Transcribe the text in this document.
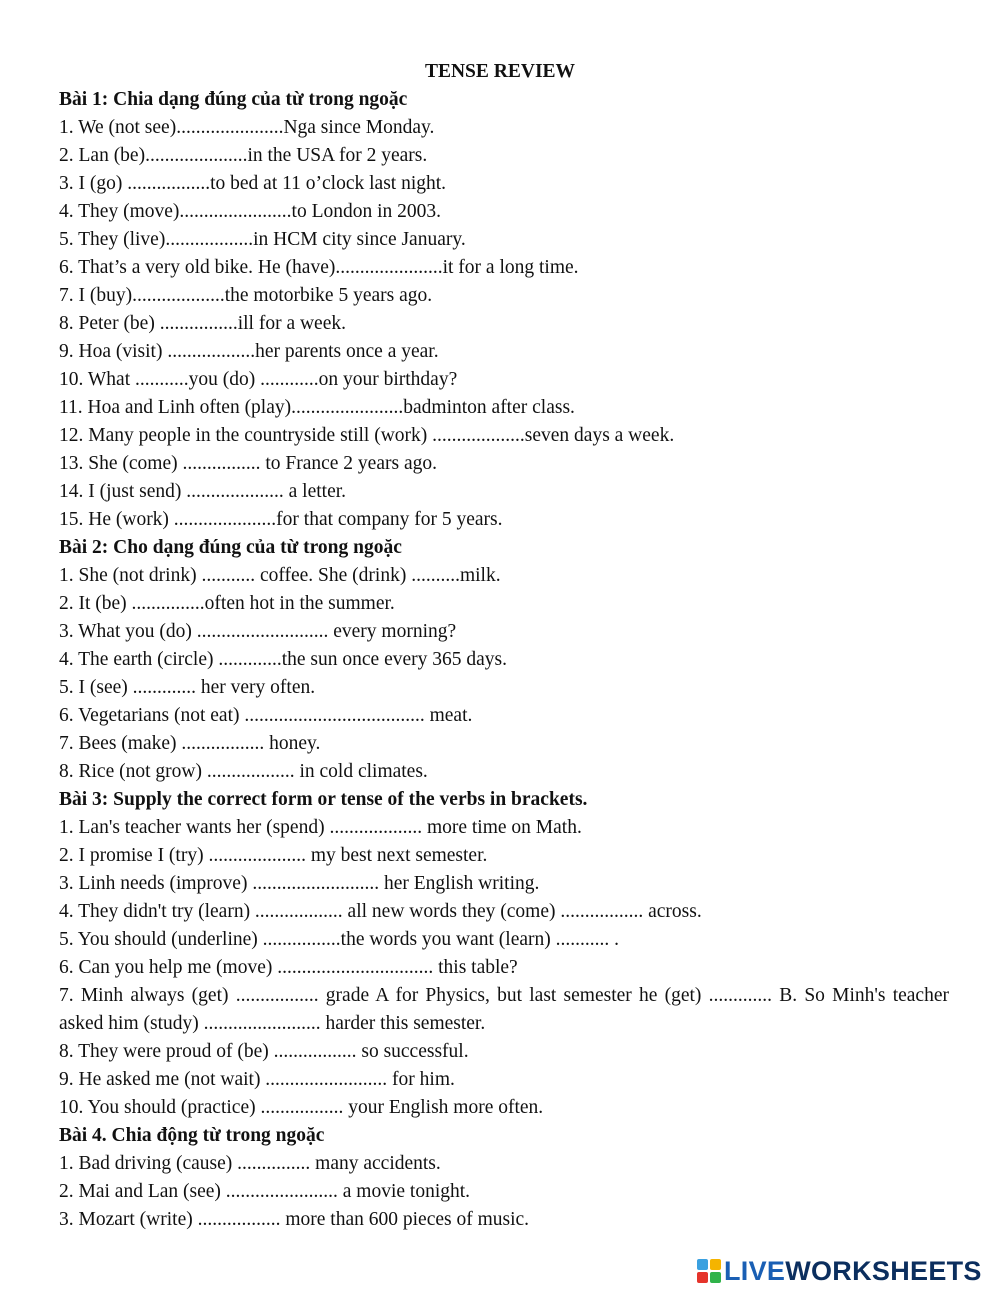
TENSE REVIEW
Bài 1: Chia dạng đúng của từ trong ngoặc
1. We (not see)......................Nga since Monday.
2. Lan (be).....................in the USA for 2 years.
3. I (go) .................to bed at 11 o’clock last night.
4. They (move).......................to London in 2003.
5. They (live)..................in HCM city since January.
6. That’s a very old bike. He (have)......................it for a long time.
7. I (buy)...................the motorbike 5 years ago.
8. Peter (be) ................ill for a week.
9. Hoa (visit) ..................her parents once a year.
10. What ...........you (do) ............on your birthday?
11. Hoa and Linh often (play).......................badminton after class.
12. Many people in the countryside still (work) ...................seven days a week.
13. She (come) ................ to France 2 years ago.
14. I (just send) .................... a letter.
15. He (work) .....................for that company for 5 years.
Bài 2: Cho dạng đúng của từ trong ngoặc
1. She (not drink) ........... coffee. She (drink) ..........milk.
2. It (be) ...............often hot in the summer.
3. What you (do) ........................... every morning?
4. The earth (circle) .............the sun once every 365 days.
5. I (see) ............. her very often.
6. Vegetarians (not eat) ..................................... meat.
7. Bees (make) ................. honey.
8. Rice (not grow) .................. in cold climates.
Bài 3: Supply the correct form or tense of the verbs in brackets.
1. Lan's teacher wants her (spend) ................... more time on Math.
2. I promise I (try) .................... my best next semester.
3. Linh needs (improve) .......................... her English writing.
4. They didn't try (learn) .................. all new words they (come) ................. across.
5. You should (underline) ................the words you want (learn) ........... .
6. Can you help me (move) ................................ this table?
7. Minh always (get) ................. grade A for Physics, but last semester he (get) ............. B. So Minh's teacher asked him (study) ........................ harder this semester.
8. They were proud of (be) ................. so successful.
9. He asked me (not wait) ......................... for him.
10. You should (practice) ................. your English more often.
Bài 4. Chia động từ trong ngoặc
1. Bad driving (cause) ............... many accidents.
2. Mai and Lan (see) ....................... a movie tonight.
3. Mozart (write) ................. more than 600 pieces of music.
LIVEWORKSHEETS
